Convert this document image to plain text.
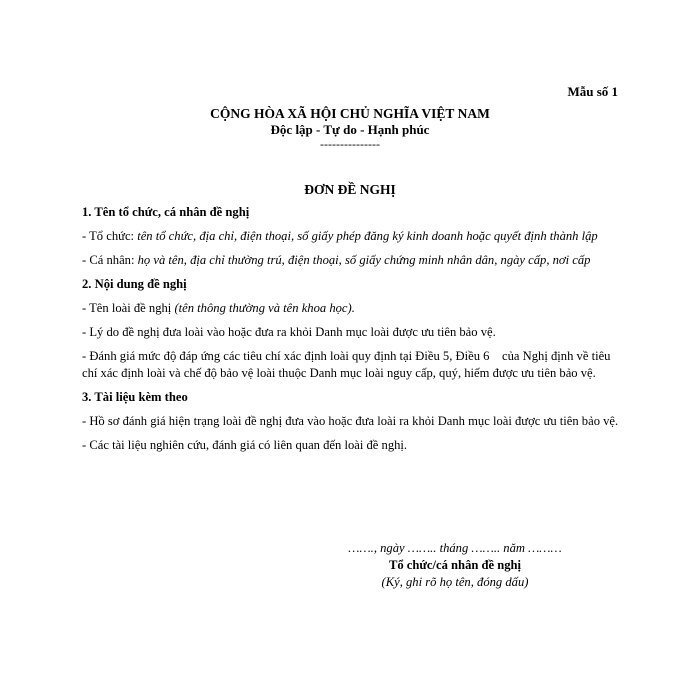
Mẫu số 1
CỘNG HÒA XÃ HỘI CHỦ NGHĨA VIỆT NAM
Độc lập - Tự do - Hạnh phúc
---------------
ĐƠN ĐỀ NGHỊ
1. Tên tổ chức, cá nhân đề nghị
- Tổ chức: tên tổ chức, địa chỉ, điện thoại, số giấy phép đăng ký kinh doanh hoặc quyết định thành lập
- Cá nhân: họ và tên, địa chỉ thường trú, điện thoại, số giấy chứng minh nhân dân, ngày cấp, nơi cấp
2. Nội dung đề nghị
- Tên loài đề nghị (tên thông thường và tên khoa học).
- Lý do đề nghị đưa loài vào hoặc đưa ra khỏi Danh mục loài được ưu tiên bảo vệ.
- Đánh giá mức độ đáp ứng các tiêu chí xác định loài quy định tại Điều 5, Điều 6    của Nghị định về tiêu chí xác định loài và chế độ bảo vệ loài thuộc Danh mục loài nguy cấp, quý, hiếm được ưu tiên bảo vệ.
3. Tài liệu kèm theo
- Hồ sơ đánh giá hiện trạng loài đề nghị đưa vào hoặc đưa loài ra khỏi Danh mục loài được ưu tiên bảo vệ.
- Các tài liệu nghiên cứu, đánh giá có liên quan đến loài đề nghị.
……., ngày …….. tháng …….. năm ………
Tổ chức/cá nhân đề nghị
(Ký, ghi rõ họ tên, đóng dấu)
